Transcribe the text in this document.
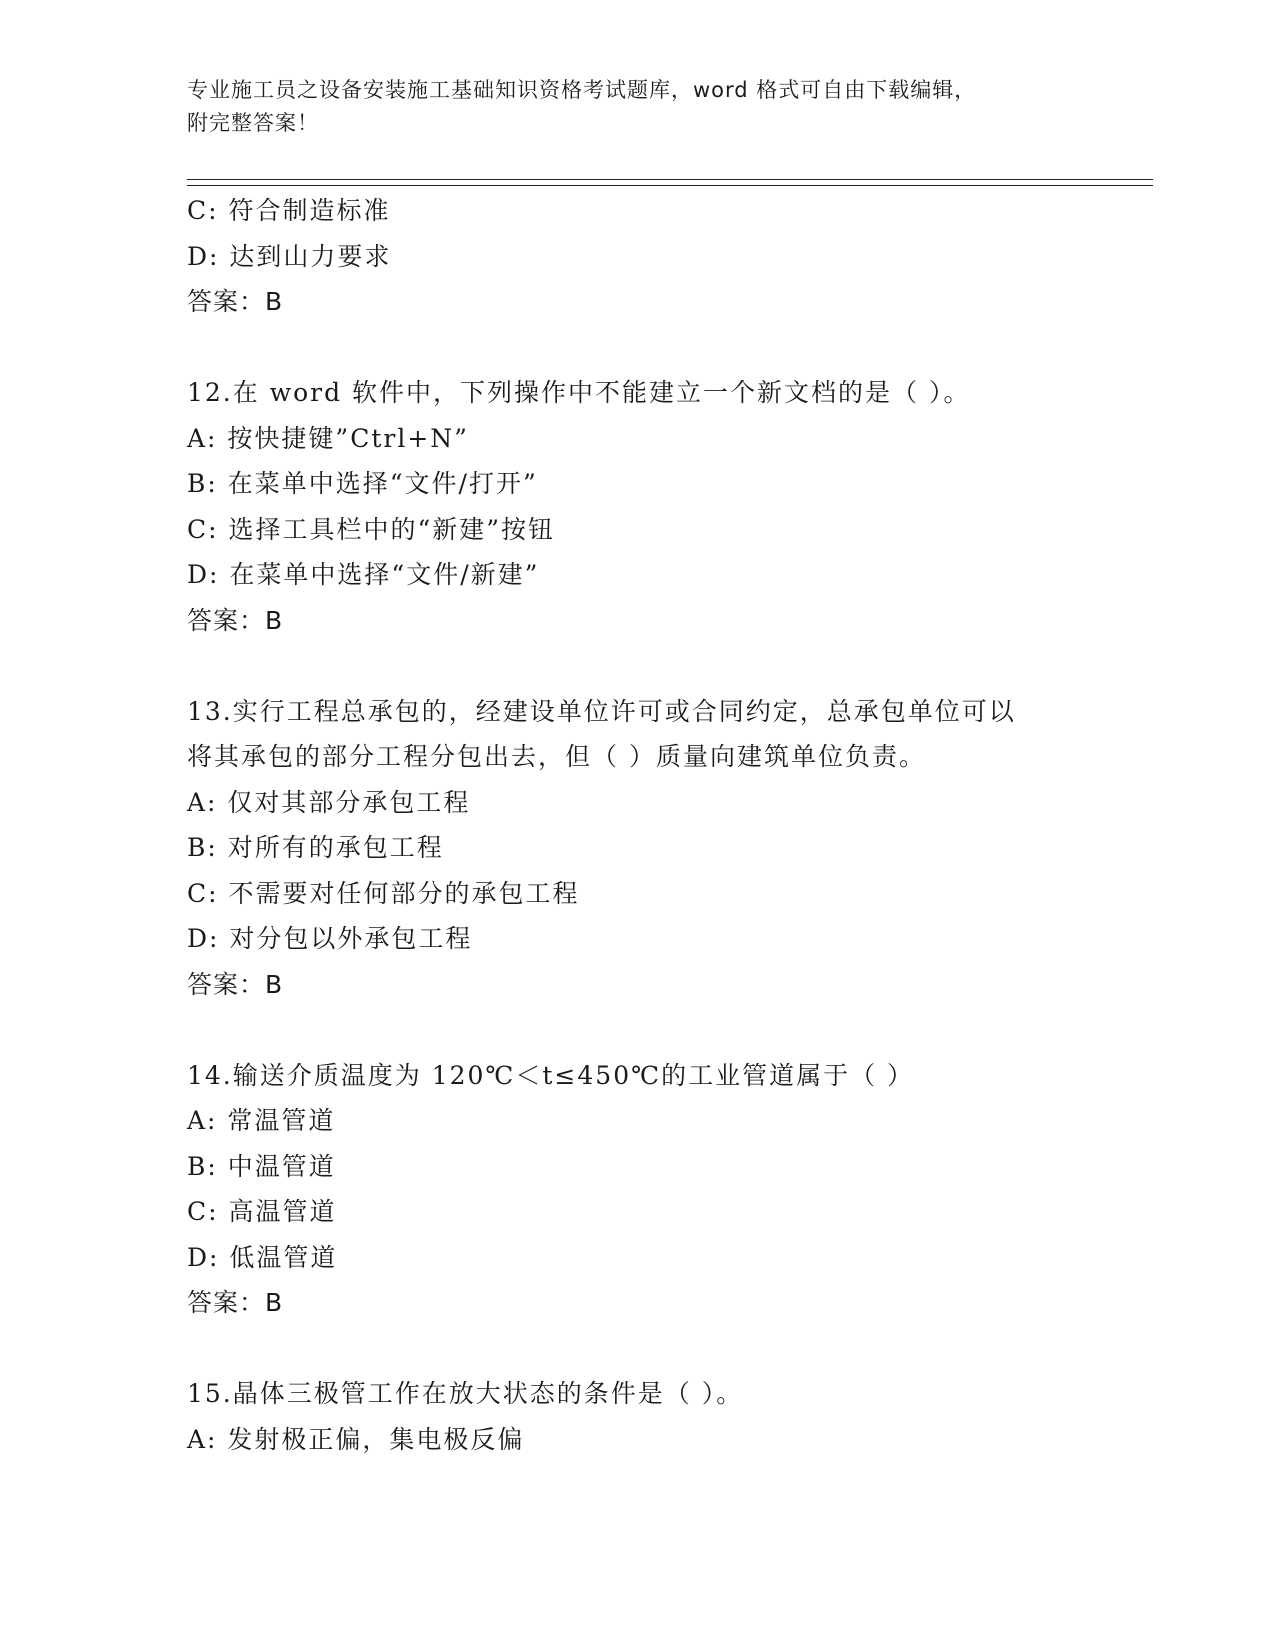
专业施工员之设备安装施工基础知识资格考试题库，word 格式可自由下载编辑，
附完整答案！
C: 符合制造标准
D: 达到山力要求
答案：B
12.在 word 软件中，下列操作中不能建立一个新文档的是（ ）。
A: 按快捷键”Ctrl+N”
B: 在菜单中选择“文件/打开”
C: 选择工具栏中的“新建”按钮
D: 在菜单中选择“文件/新建”
答案：B
13.实行工程总承包的，经建设单位许可或合同约定，总承包单位可以
将其承包的部分工程分包出去，但（ ）质量向建筑单位负责。
A: 仅对其部分承包工程
B: 对所有的承包工程
C: 不需要对任何部分的承包工程
D: 对分包以外承包工程
答案：B
14.输送介质温度为 120℃＜t≤450℃的工业管道属于（ ）
A: 常温管道
B: 中温管道
C: 高温管道
D: 低温管道
答案：B
15.晶体三极管工作在放大状态的条件是（ ）。
A: 发射极正偏，集电极反偏
